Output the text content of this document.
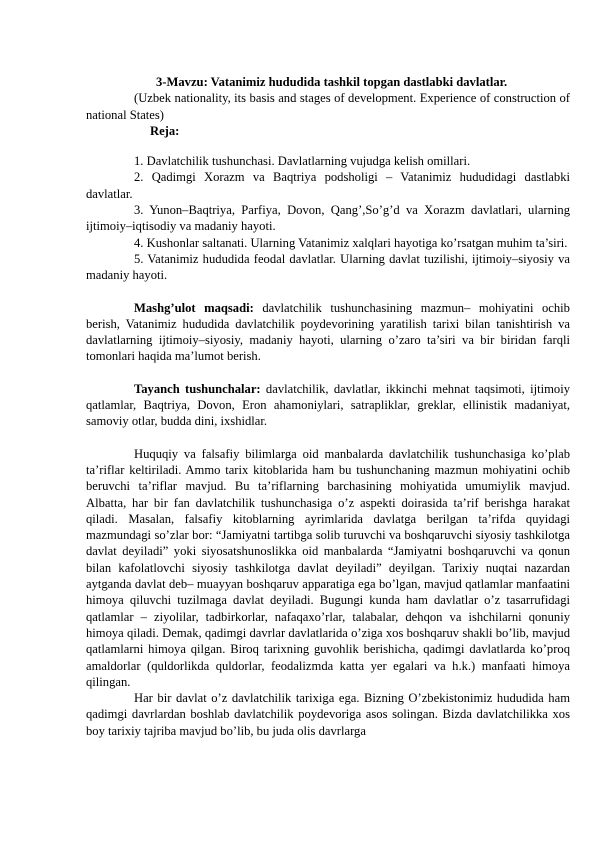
3-Mavzu: Vatanimiz hududida tashkil topgan dastlabki davlatlar.

(Uzbek nationality, its basis and stages of development. Experience of construction of national States)

Reja:

1. Davlatchilik tushunchasi. Davlatlarning vujudga kelish omillari.

2. Qadimgi Xorazm va Baqtriya podsholigi – Vatanimiz hududidagi dastlabki davlatlar.

3. Yunon–Baqtriya, Parfiya, Dovon, Qang’,So’g’d va Xorazm davlatlari, ularning ijtimoiy–iqtisodiy va madaniy hayoti.

4. Kushonlar saltanati. Ularning Vatanimiz xalqlari hayotiga ko’rsatgan muhim ta’siri.

5. Vatanimiz hududida feodal davlatlar. Ularning davlat tuzilishi, ijtimoiy–siyosiy va madaniy hayoti.

Mashg’ulot maqsadi: davlatchilik tushunchasining mazmun– mohiyatini ochib berish, Vatanimiz hududida davlatchilik poydevorining yaratilish tarixi bilan tanishtirish va davlatlarning ijtimoiy–siyosiy, madaniy hayoti, ularning o’zaro ta’siri va bir biridan farqli tomonlari haqida ma’lumot berish.

Tayanch tushunchalar: davlatchilik, davlatlar, ikkinchi mehnat taqsimoti, ijtimoiy qatlamlar, Baqtriya, Dovon, Eron ahamoniylari, satrapliklar, greklar, ellinistik madaniyat, samoviy otlar, budda dini, ixshidlar.

Huquqiy va falsafiy bilimlarga oid manbalarda davlatchilik tushunchasiga ko’plab ta’riflar keltiriladi. Ammo tarix kitoblarida ham bu tushunchaning mazmun mohiyatini ochib beruvchi ta’riflar mavjud. Bu ta’riflarning barchasining mohiyatida umumiylik mavjud. Albatta, har bir fan davlatchilik tushunchasiga o’z aspekti doirasida ta’rif berishga harakat qiladi. Masalan, falsafiy kitoblarning ayrimlarida davlatga berilgan ta’rifda quyidagi mazmundagi so’zlar bor: “Jamiyatni tartibga solib turuvchi va boshqaruvchi siyosiy tashkilotga davlat deyiladi” yoki siyosatshunoslikka oid manbalarda “Jamiyatni boshqaruvchi va qonun bilan kafolatlovchi siyosiy tashkilotga davlat deyiladi” deyilgan. Tarixiy nuqtai nazardan aytganda davlat deb– muayyan boshqaruv apparatiga ega bo’lgan, mavjud qatlamlar manfaatini himoya qiluvchi tuzilmaga davlat deyiladi. Bugungi kunda ham davlatlar o’z tasarrufidagi qatlamlar – ziyolilar, tadbirkorlar, nafaqaxo’rlar, talabalar, dehqon va ishchilarni qonuniy himoya qiladi. Demak, qadimgi davrlar davlatlarida o’ziga xos boshqaruv shakli bo’lib, mavjud qatlamlarni himoya qilgan. Biroq tarixning guvohlik berishicha, qadimgi davlatlarda ko’proq amaldorlar (quldorlikda quldorlar, feodalizmda katta yer egalari va h.k.) manfaati himoya qilingan.

Har bir davlat o’z davlatchilik tarixiga ega. Bizning O’zbekistonimiz hududida ham qadimgi davrlardan boshlab davlatchilik poydevoriga asos solingan. Bizda davlatchilikka xos boy tarixiy tajriba mavjud bo’lib, bu juda olis davrlarga
